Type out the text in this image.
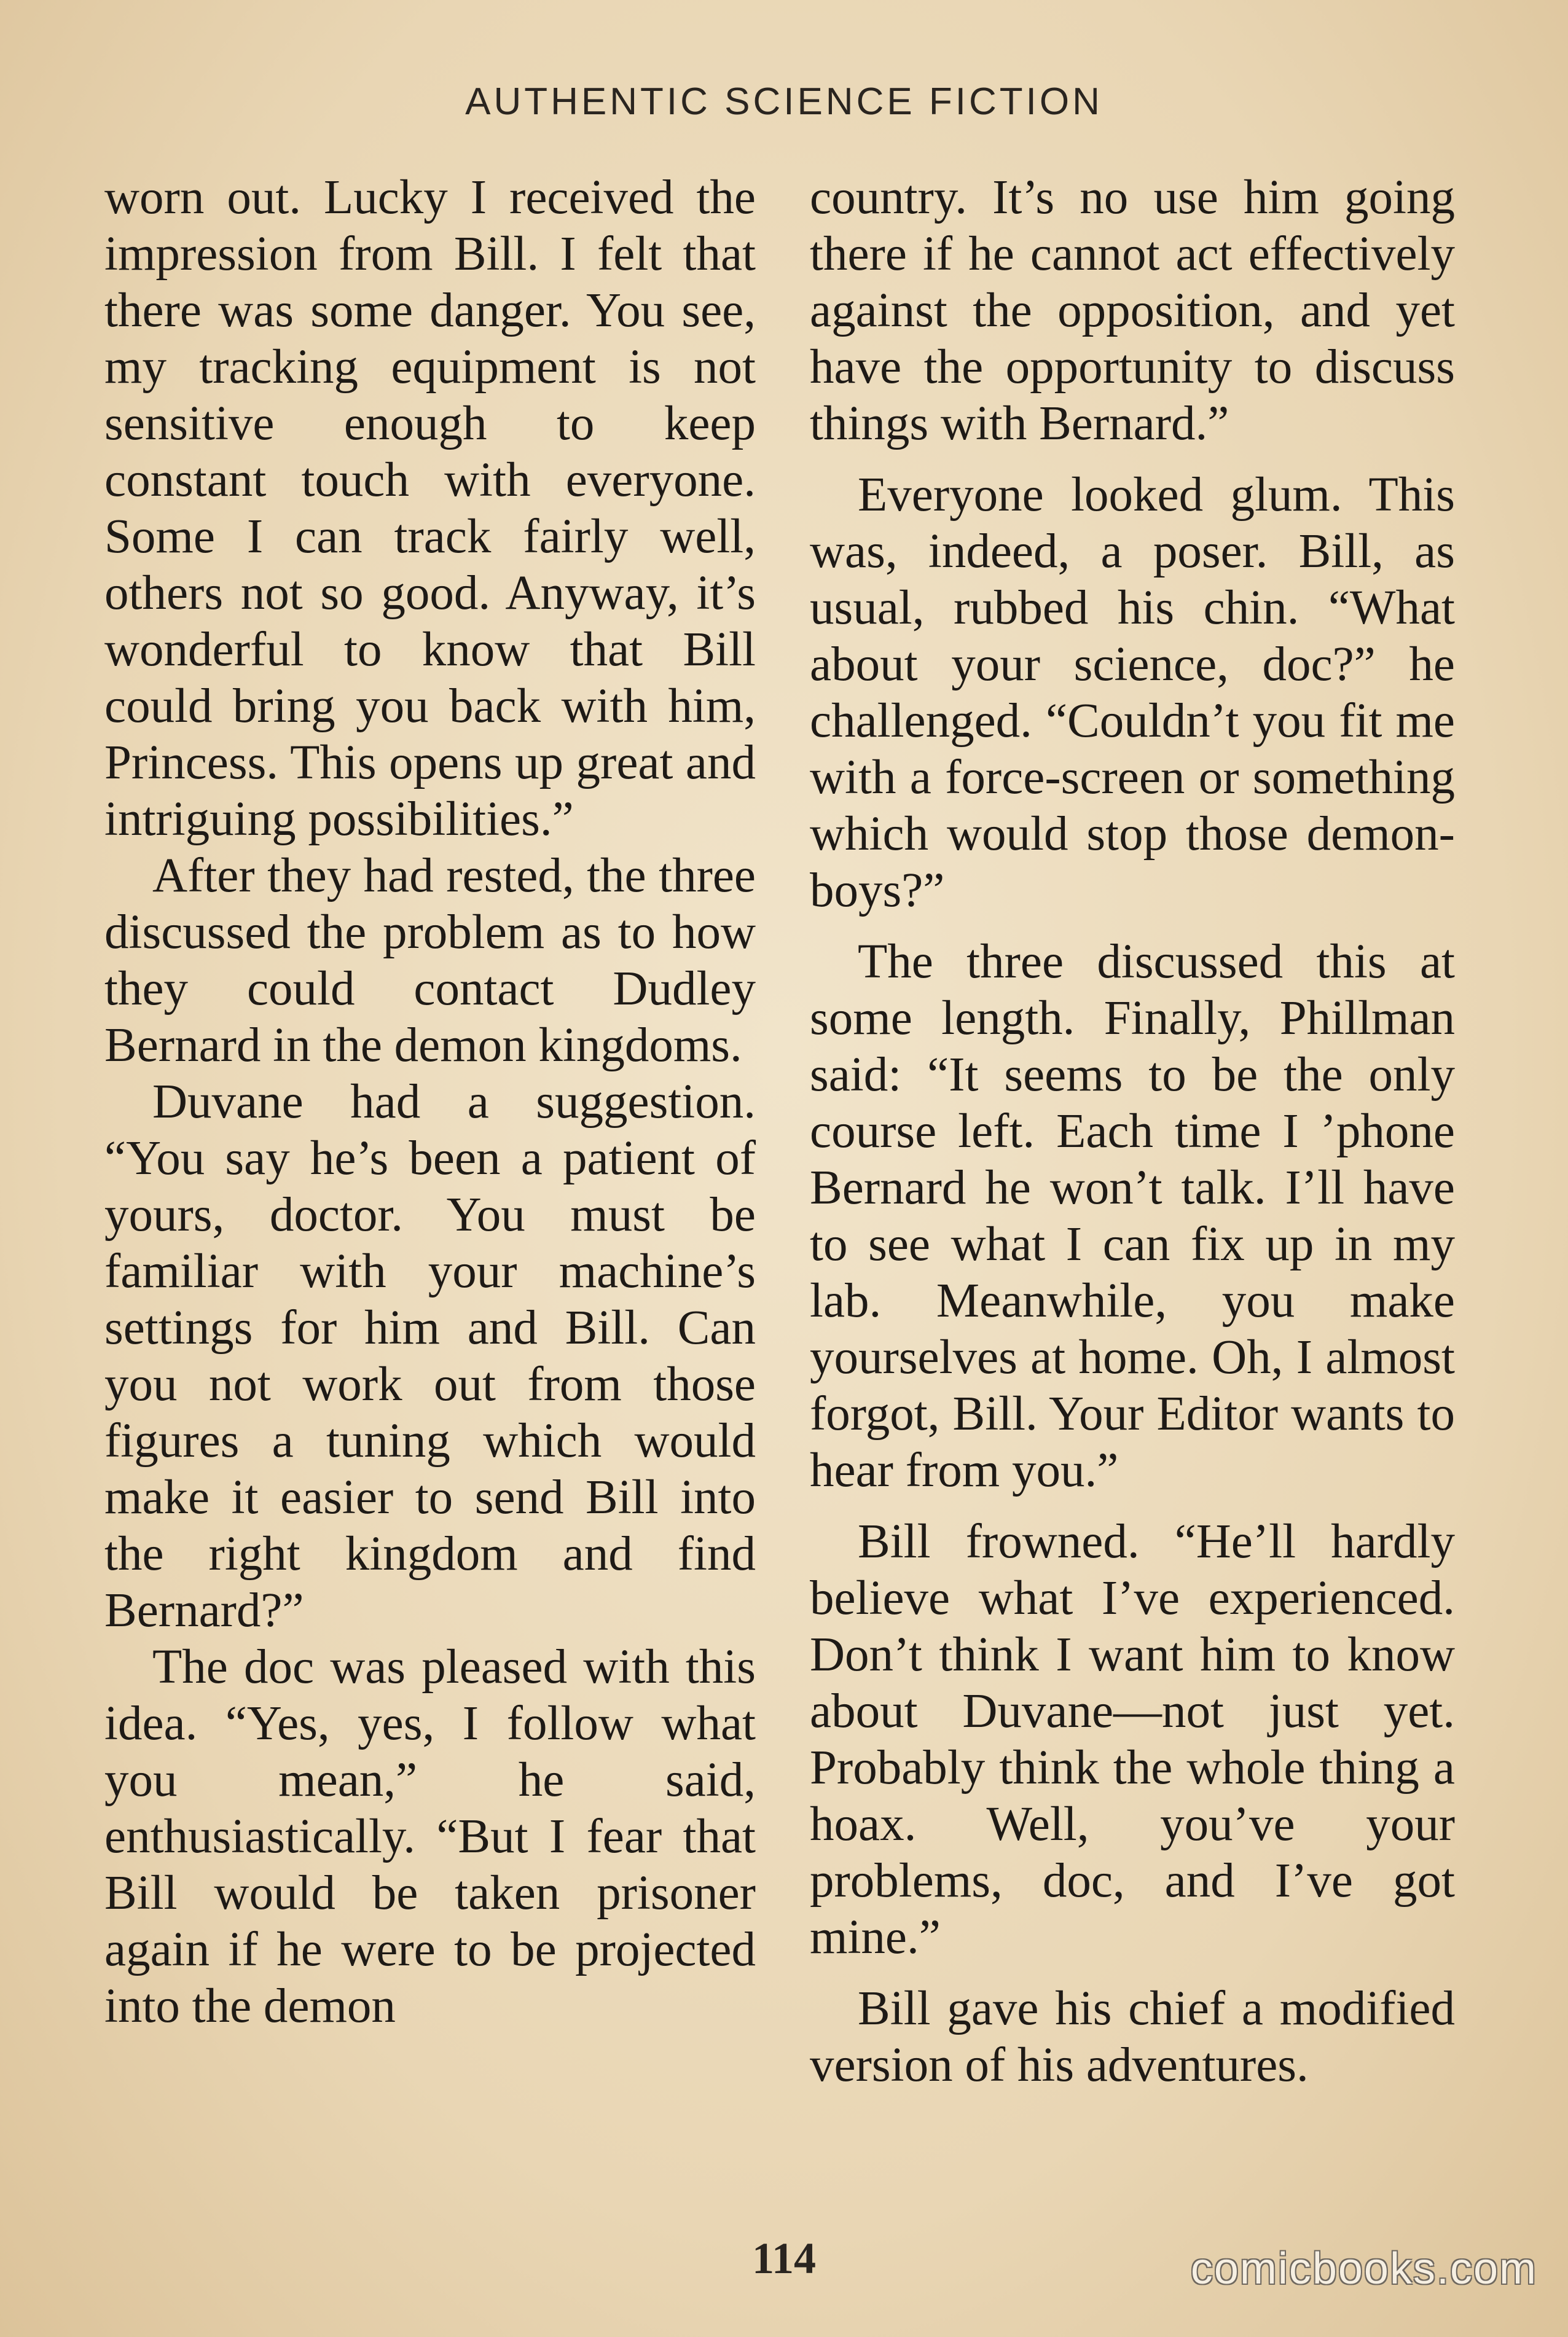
AUTHENTIC SCIENCE FICTION

worn out. Lucky I received the impression from Bill. I felt that there was some danger. You see, my tracking equipment is not sensitive enough to keep constant touch with everyone. Some I can track fairly well, others not so good. Anyway, it’s wonderful to know that Bill could bring you back with him, Princess. This opens up great and intriguing possibilities.”

After they had rested, the three discussed the problem as to how they could contact Dudley Bernard in the demon kingdoms.

Duvane had a suggestion. “You say he’s been a patient of yours, doctor. You must be familiar with your machine’s settings for him and Bill. Can you not work out from those figures a tuning which would make it easier to send Bill into the right kingdom and find Bernard?”

The doc was pleased with this idea. “Yes, yes, I follow what you mean,” he said, enthusiastically. “But I fear that Bill would be taken prisoner again if he were to be projected into the demon

country. It’s no use him going there if he cannot act effectively against the opposition, and yet have the opportunity to discuss things with Bernard.”

Everyone looked glum. This was, indeed, a poser. Bill, as usual, rubbed his chin. “What about your science, doc?” he challenged. “Couldn’t you fit me with a force-screen or something which would stop those demon-boys?”

The three discussed this at some length. Finally, Phillman said: “It seems to be the only course left. Each time I ’phone Bernard he won’t talk. I’ll have to see what I can fix up in my lab. Meanwhile, you make yourselves at home. Oh, I almost forgot, Bill. Your Editor wants to hear from you.”

Bill frowned. “He’ll hardly believe what I’ve experienced. Don’t think I want him to know about Duvane—not just yet. Probably think the whole thing a hoax. Well, you’ve your problems, doc, and I’ve got mine.”

Bill gave his chief a modified version of his adventures.

114	comicbooks.com
